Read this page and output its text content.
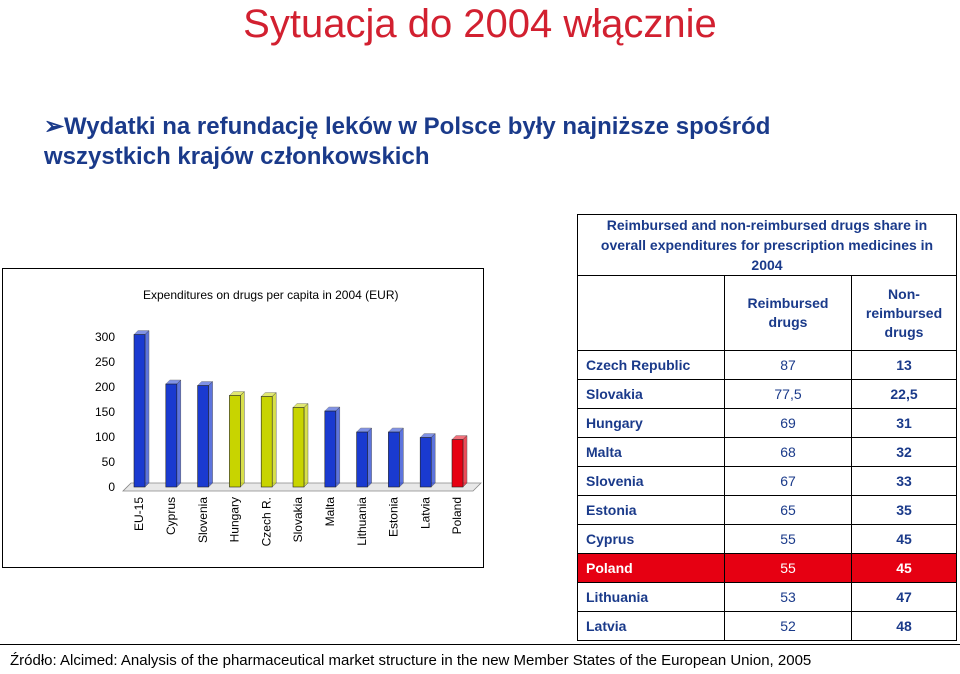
Sytuacja do 2004 włącznie
➢Wydatki na refundację leków w Polsce były najniższe spośród
wszystkich krajów członkowskich
Expenditures on drugs per capita in 2004 (EUR)
0
50
100
150
200
250
300
EU-15 Cyprus Slovenia Hungary Czech R. Slovakia Malta Lithuania Estonia Latvia Poland
Reimbursed and non-reimbursed drugs share in overall expenditures for prescription medicines in 2004		
	Reimbursed drugs	Non-reimbursed drugs
Czech Republic	87	13
Slovakia	77,5	22,5
Hungary	69	31
Malta	68	32
Slovenia	67	33
Estonia	65	35
Cyprus	55	45
Poland	55	45
Lithuania	53	47
Latvia	52	48
Źródło: Alcimed: Analysis of the pharmaceutical market structure in the new Member States of the European Union, 2005
